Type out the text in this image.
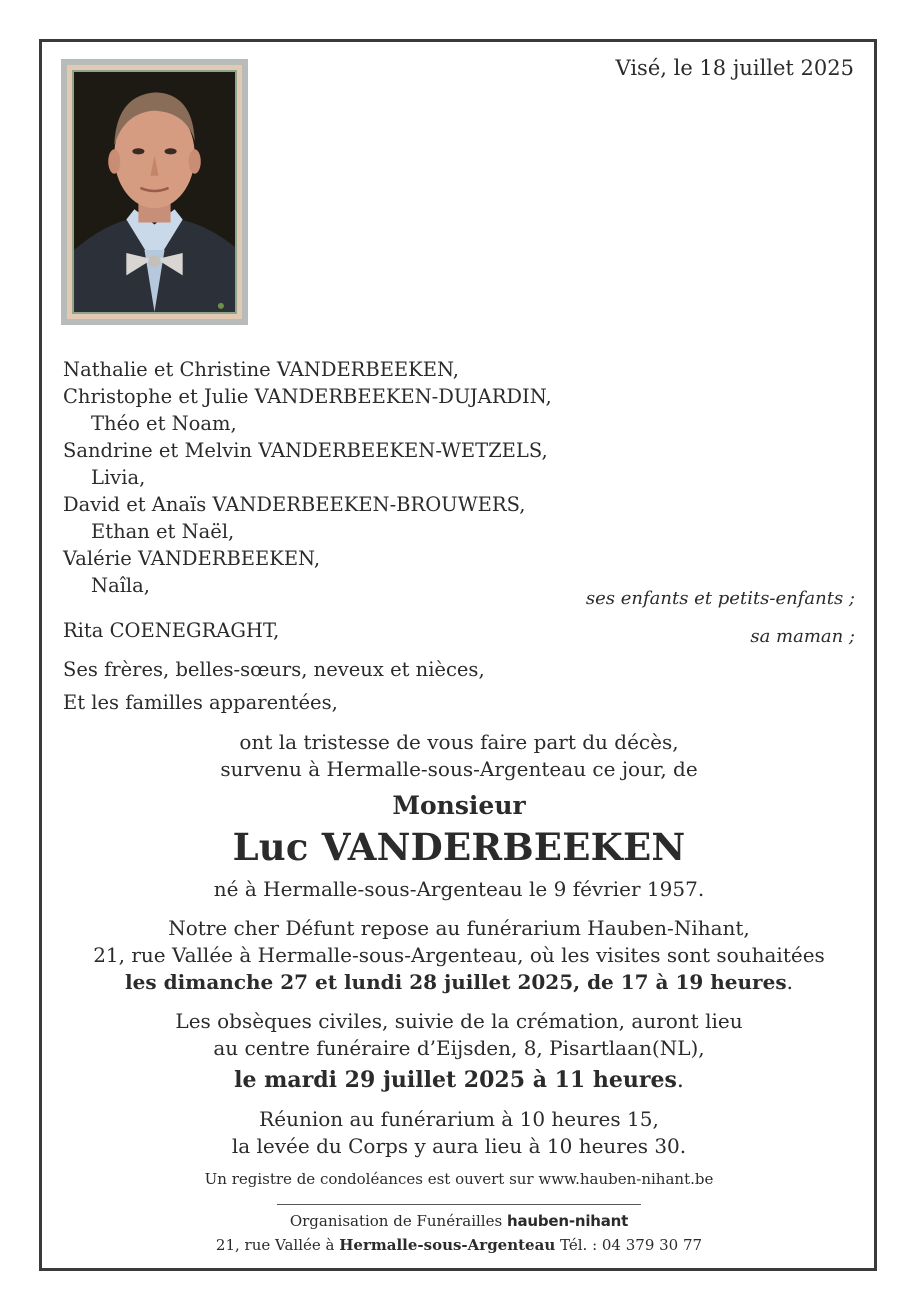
Visé, le 18 juillet 2025
Nathalie et Christine VANDERBEEKEN,
Christophe et Julie VANDERBEEKEN-DUJARDIN,
Théo et Noam,
Sandrine et Melvin VANDERBEEKEN-WETZELS,
Livia,
David et Anaïs VANDERBEEKEN-BROUWERS,
Ethan et Naël,
Valérie VANDERBEEKEN,
Naîla,
ses enfants et petits-enfants ;
Rita COENEGRAGHT,	sa maman ;
Ses frères, belles-sœurs, neveux et nièces,
Et les familles apparentées,
ont la tristesse de vous faire part du décès,
survenu à Hermalle-sous-Argenteau ce jour, de
Monsieur
Luc VANDERBEEKEN
né à Hermalle-sous-Argenteau le 9 février 1957.
Notre cher Défunt repose au funérarium Hauben-Nihant,
21, rue Vallée à Hermalle-sous-Argenteau, où les visites sont souhaitées
les dimanche 27 et lundi 28 juillet 2025, de 17 à 19 heures.
Les obsèques civiles, suivie de la crémation, auront lieu
au centre funéraire d’Eijsden, 8, Pisartlaan(NL),
le mardi 29 juillet 2025 à 11 heures.
Réunion au funérarium à 10 heures 15,
la levée du Corps y aura lieu à 10 heures 30.
Un registre de condoléances est ouvert sur www.hauben-nihant.be
Organisation de Funérailles hauben-nihant
21, rue Vallée à Hermalle-sous-Argenteau Tél. : 04 379 30 77
